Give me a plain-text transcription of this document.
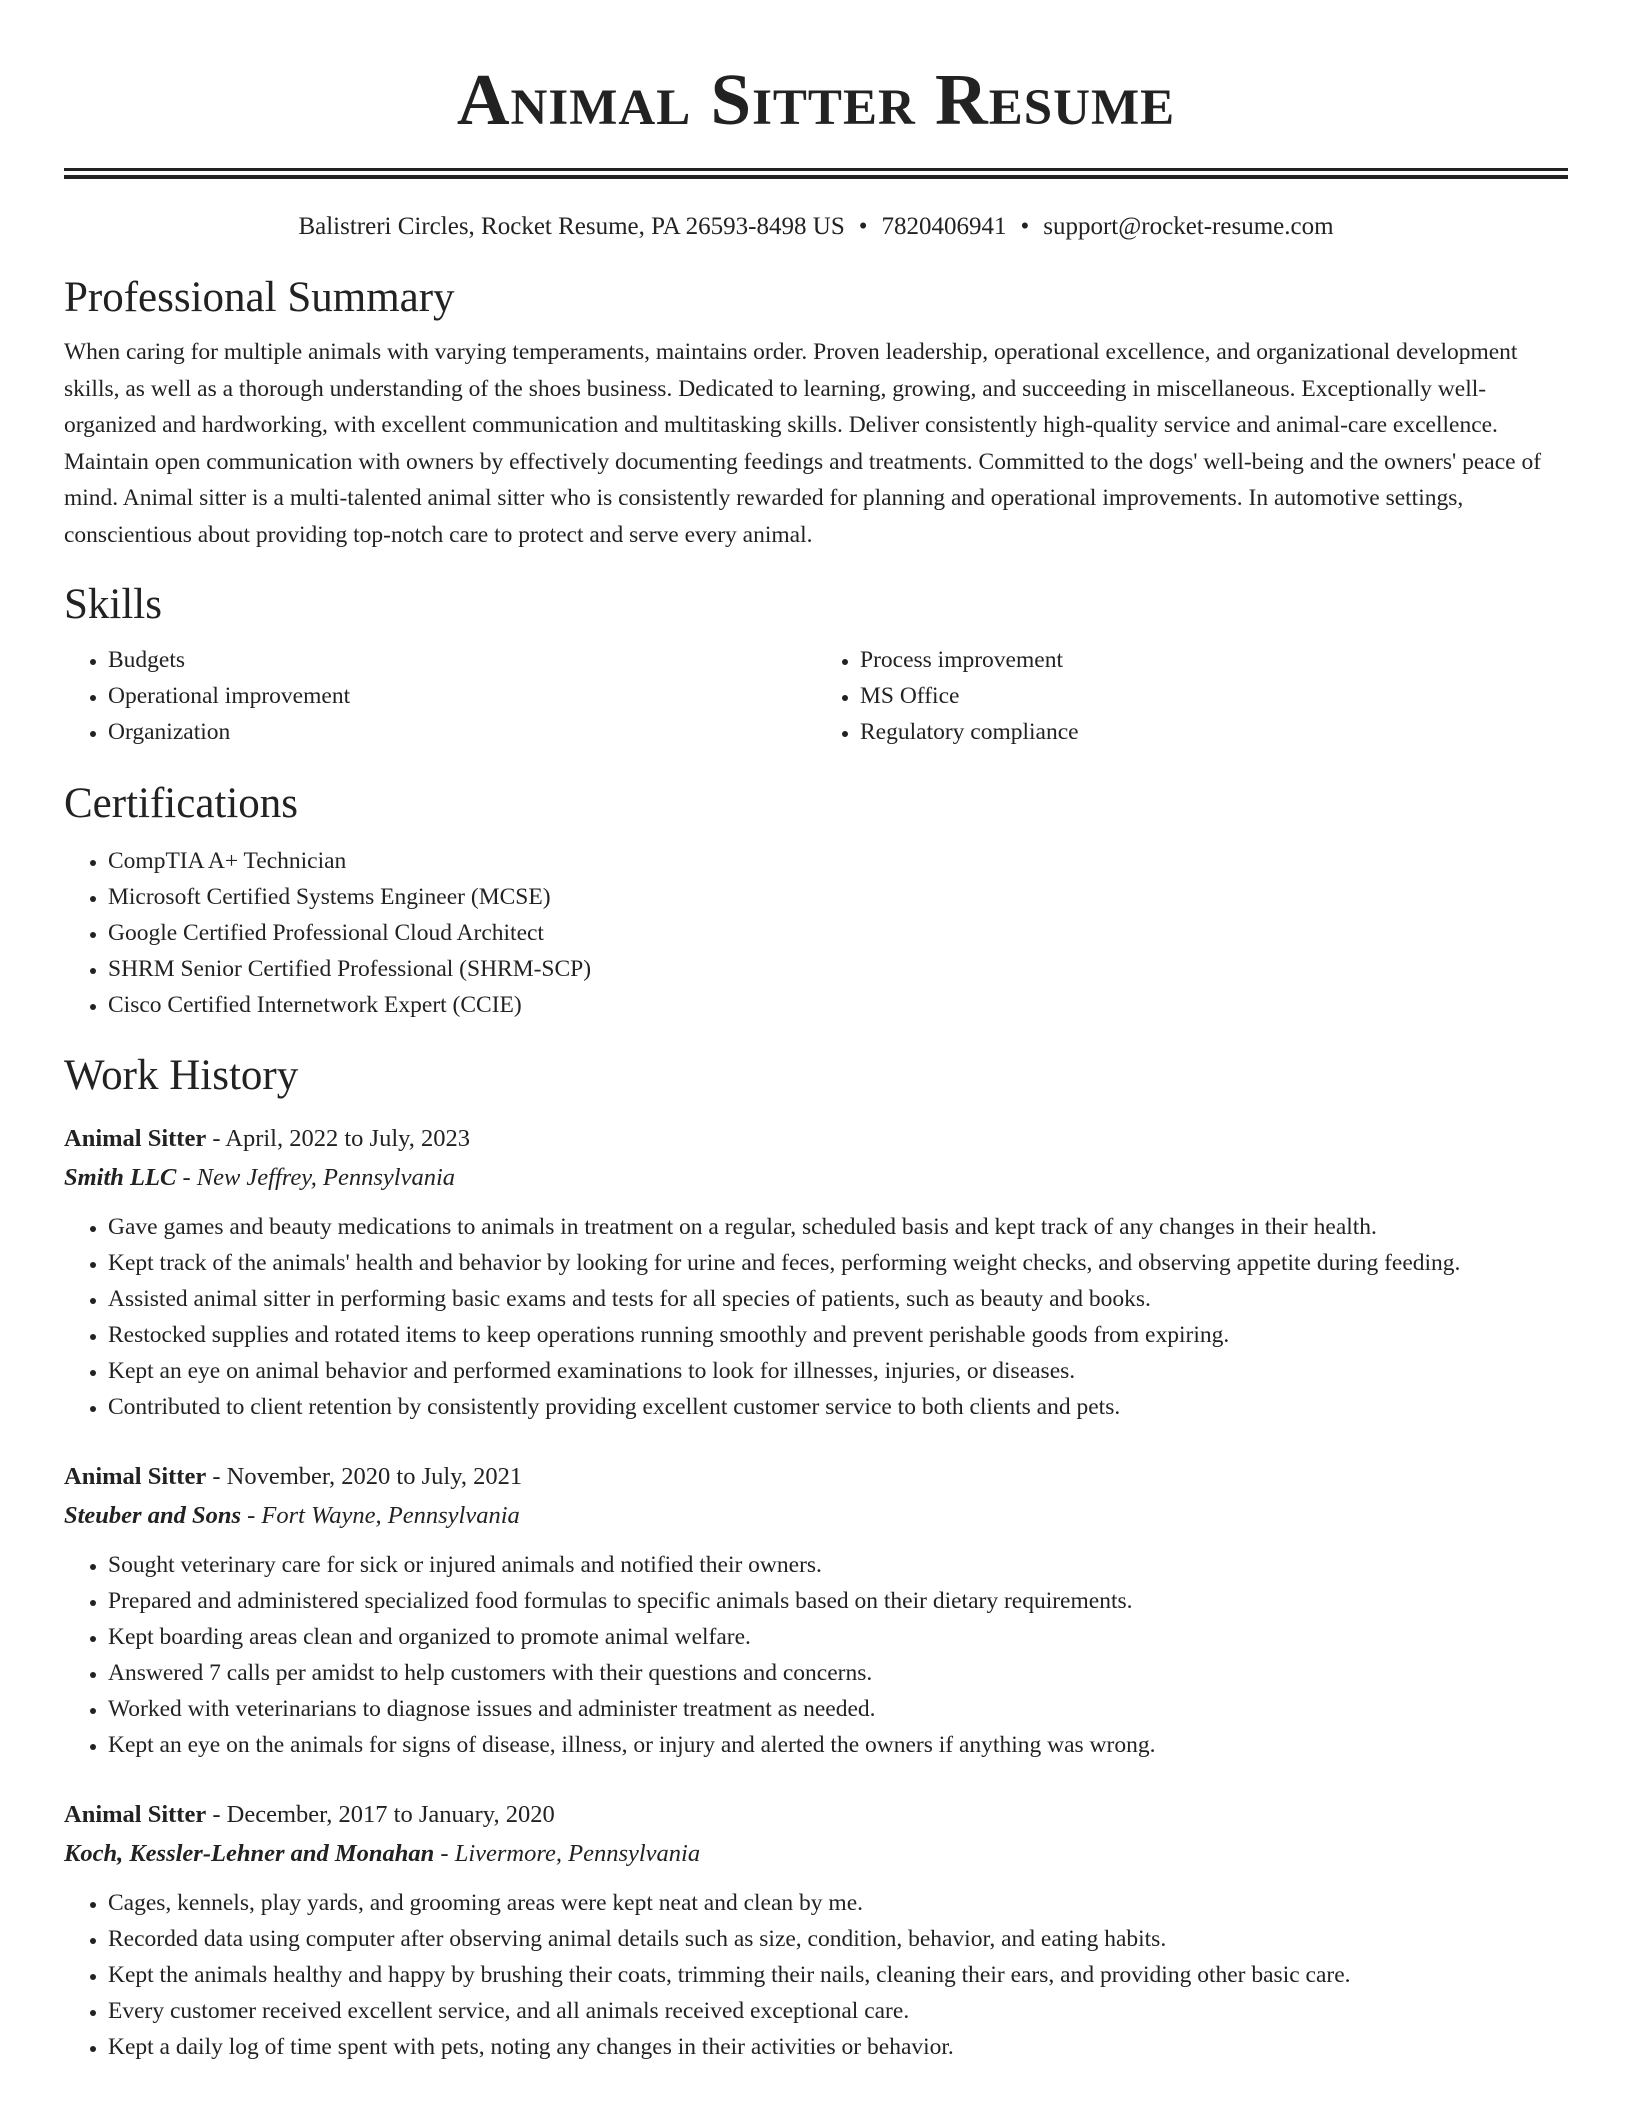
Animal Sitter Resume
Balistreri Circles, Rocket Resume, PA 26593-8498 US • 7820406941 • support@rocket-resume.com
Professional Summary

When caring for multiple animals with varying temperaments, maintains order. Proven leadership, operational excellence, and organizational development skills, as well as a thorough understanding of the shoes business. Dedicated to learning, growing, and succeeding in miscellaneous. Exceptionally well-organized and hardworking, with excellent communication and multitasking skills. Deliver consistently high-quality service and animal-care excellence. Maintain open communication with owners by effectively documenting feedings and treatments. Committed to the dogs' well-being and the owners' peace of mind. Animal sitter is a multi-talented animal sitter who is consistently rewarded for planning and operational improvements. In automotive settings, conscientious about providing top-notch care to protect and serve every animal.

Skills
• Budgets
• Operational improvement
• Organization
• Process improvement
• MS Office
• Regulatory compliance
Certifications
• CompTIA A+ Technician
• Microsoft Certified Systems Engineer (MCSE)
• Google Certified Professional Cloud Architect
• SHRM Senior Certified Professional (SHRM-SCP)
• Cisco Certified Internetwork Expert (CCIE)
Work History
Animal Sitter - April, 2022 to July, 2023
Smith LLC - New Jeffrey, Pennsylvania
• Gave games and beauty medications to animals in treatment on a regular, scheduled basis and kept track of any changes in their health.
• Kept track of the animals' health and behavior by looking for urine and feces, performing weight checks, and observing appetite during feeding.
• Assisted animal sitter in performing basic exams and tests for all species of patients, such as beauty and books.
• Restocked supplies and rotated items to keep operations running smoothly and prevent perishable goods from expiring.
• Kept an eye on animal behavior and performed examinations to look for illnesses, injuries, or diseases.
• Contributed to client retention by consistently providing excellent customer service to both clients and pets.
Animal Sitter - November, 2020 to July, 2021
Steuber and Sons - Fort Wayne, Pennsylvania
• Sought veterinary care for sick or injured animals and notified their owners.
• Prepared and administered specialized food formulas to specific animals based on their dietary requirements.
• Kept boarding areas clean and organized to promote animal welfare.
• Answered 7 calls per amidst to help customers with their questions and concerns.
• Worked with veterinarians to diagnose issues and administer treatment as needed.
• Kept an eye on the animals for signs of disease, illness, or injury and alerted the owners if anything was wrong.
Animal Sitter - December, 2017 to January, 2020
Koch, Kessler-Lehner and Monahan - Livermore, Pennsylvania
• Cages, kennels, play yards, and grooming areas were kept neat and clean by me.
• Recorded data using computer after observing animal details such as size, condition, behavior, and eating habits.
• Kept the animals healthy and happy by brushing their coats, trimming their nails, cleaning their ears, and providing other basic care.
• Every customer received excellent service, and all animals received exceptional care.
• Kept a daily log of time spent with pets, noting any changes in their activities or behavior.
